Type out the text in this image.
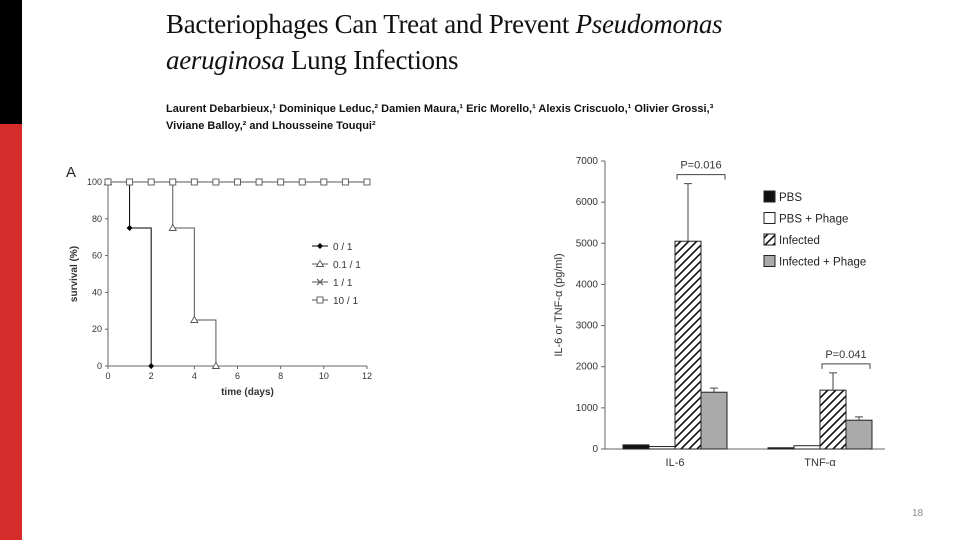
Bacteriophages Can Treat and Prevent Pseudomonas
aeruginosa Lung Infections
Laurent Debarbieux,¹ Dominique Leduc,² Damien Maura,¹ Eric Morello,¹ Alexis Criscuolo,¹ Olivier Grossi,³
Viviane Balloy,² and Lhousseine Touqui²
A
0
20
40
60
80
100
0	2	4	6	8	10	12
time (days)
survival (%)	0 / 1
0.1 / 1
1 / 1
10 / 1
0
1000
2000
3000
4000
5000
6000
7000
IL-6 or TNF-α (pg/ml)
IL-6
P=0.016
TNF-α
P=0.041
PBS
PBS + Phage
Infected
Infected + Phage
18
